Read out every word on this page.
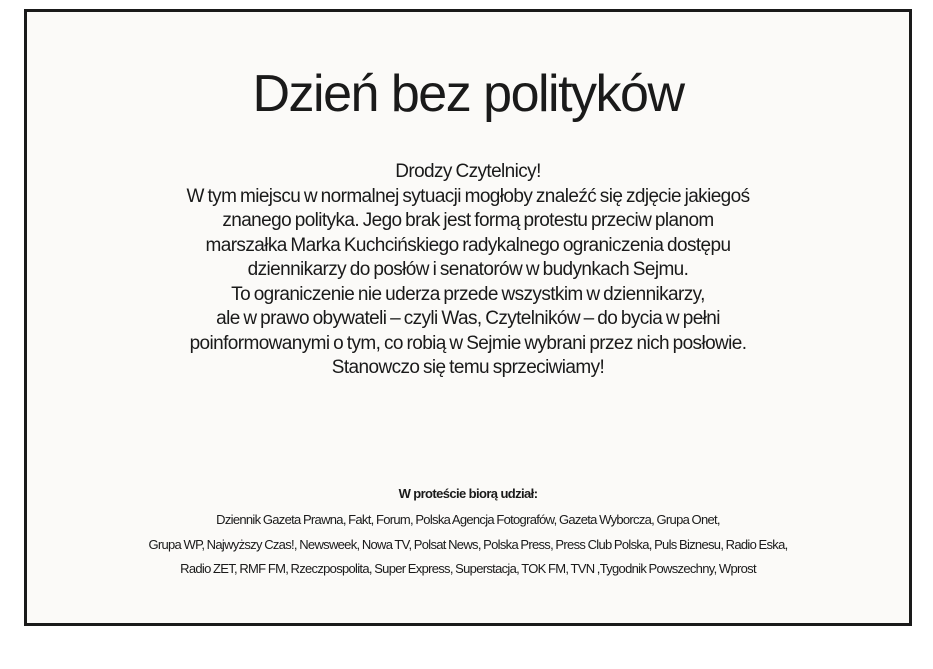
Dzień bez polityków

Drodzy Czytelnicy!
W tym miejscu w normalnej sytuacji mogłoby znaleźć się zdjęcie jakiegoś
znanego polityka. Jego brak jest formą protestu przeciw planom
marszałka Marka Kuchcińskiego radykalnego ograniczenia dostępu
dziennikarzy do posłów i senatorów w budynkach Sejmu.
To ograniczenie nie uderza przede wszystkim w dziennikarzy,
ale w prawo obywateli – czyli Was, Czytelników – do bycia w pełni
poinformowanymi o tym, co robią w Sejmie wybrani przez nich posłowie.
Stanowczo się temu sprzeciwiamy!

W proteście biorą udział:
Dziennik Gazeta Prawna, Fakt, Forum, Polska Agencja Fotografów, Gazeta Wyborcza, Grupa Onet,
Grupa WP, Najwyższy Czas!, Newsweek, Nowa TV, Polsat News, Polska Press, Press Club Polska, Puls Biznesu, Radio Eska,
Radio ZET, RMF FM, Rzeczpospolita, Super Express, Superstacja, TOK FM, TVN ,Tygodnik Powszechny, Wprost
